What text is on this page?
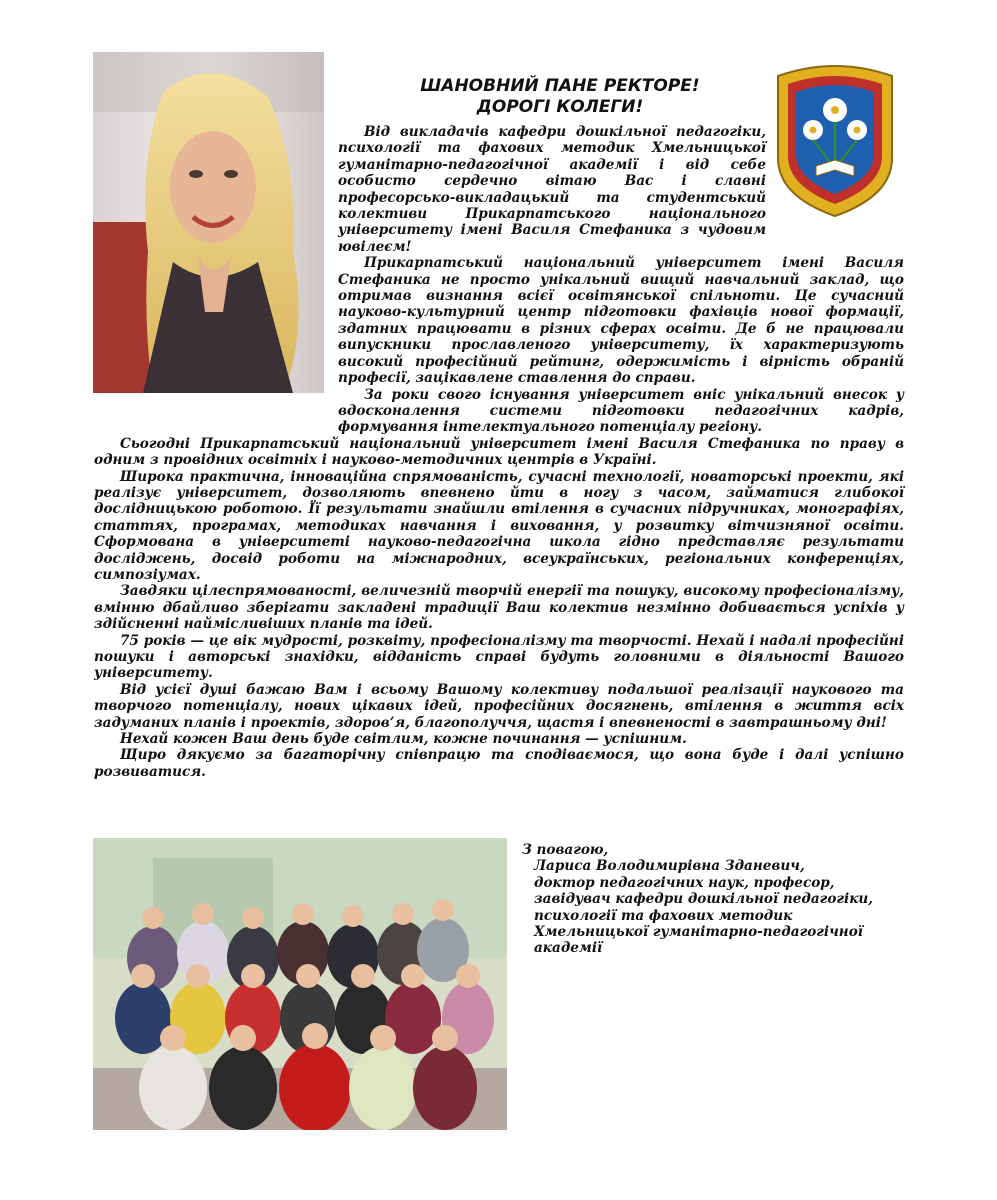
ШАНОВНИЙ ПАНЕ РЕКТОРЕ!
ДОРОГІ КОЛЕГИ!

Від викладачів кафедри дошкільної педагогіки, психології та фахових методик Хмельницької гуманітарно-педагогічної академії і від себе особисто сердечно вітаю Вас і славні професорсько-викладацький та студентський колективи Прикарпатського національного університету імені Василя Стефаника з чудовим ювілеєм!

Прикарпатський національний університет імені Василя Стефаника не просто унікальний вищий навчальний заклад, що отримав визнання всієї освітянської спільноти. Це сучасний науково-культурний центр підготовки фахівців нової формації, здатних працювати в різних сферах освіти. Де б не працювали випускники прославленого університету, їх характеризують високий професійний рейтинг, одержимість і вірність обраній професії, зацікавлене ставлення до справи.

За роки свого існування університет вніс унікальний внесок у вдосконалення системи підготовки педагогічних кадрів, формування інтелектуального потенціалу регіону.

Сьогодні Прикарпатський національний університет імені Василя Стефаника по праву в одним з провідних освітніх і науково-методичних центрів в Україні.

Широка практична, інноваційна спрямованість, сучасні технології, новаторські проекти, які реалізує університет, дозволяють впевнено йти в ногу з часом, займатися глибокої дослідницькою роботою. Її результати знайшли втілення в сучасних підручниках, монографіях, статтях, програмах, методиках навчання і виховання, у розвитку вітчизняної освіти. Сформована в університеті науково-педагогічна школа гідно представляє результати досліджень, досвід роботи на міжнародних, всеукраїнських, регіональних конференціях, симпозіумах.

Завдяки цілеспрямованості, величезній творчій енергії та пошуку, високому професіоналізму, вмінню дбайливо зберігати закладені традиції Ваш колектив незмінно добивається успіхів у здійсненні наймісливіших планів та ідей.

75 років — це вік мудрості, розквіту, професіоналізму та творчості. Нехай і надалі професійні пошуки і авторські знахідки, відданість справі будуть головними в діяльності Вашого університету.

Від усієї душі бажаю Вам і всьому Вашому колективу подальшої реалізації наукового та творчого потенціалу, нових цікавих ідей, професійних досягнень, втілення в життя всіх задуманих планів і проектів, здоров’я, благополуччя, щастя і впевненості в завтрашньому дні!

Нехай кожен Ваш день буде світлим, кожне починання — успішним.

Щиро дякуємо за багаторічну співпрацю та сподіваємося, що вона буде і далі успішно розвиватися.

З повагою,
Лариса Володимирівна Зданевич,
доктор педагогічних наук, професор,
завідувач кафедри дошкільної педагогіки,
психології та фахових методик
Хмельницької гуманітарно-педагогічної
академії
